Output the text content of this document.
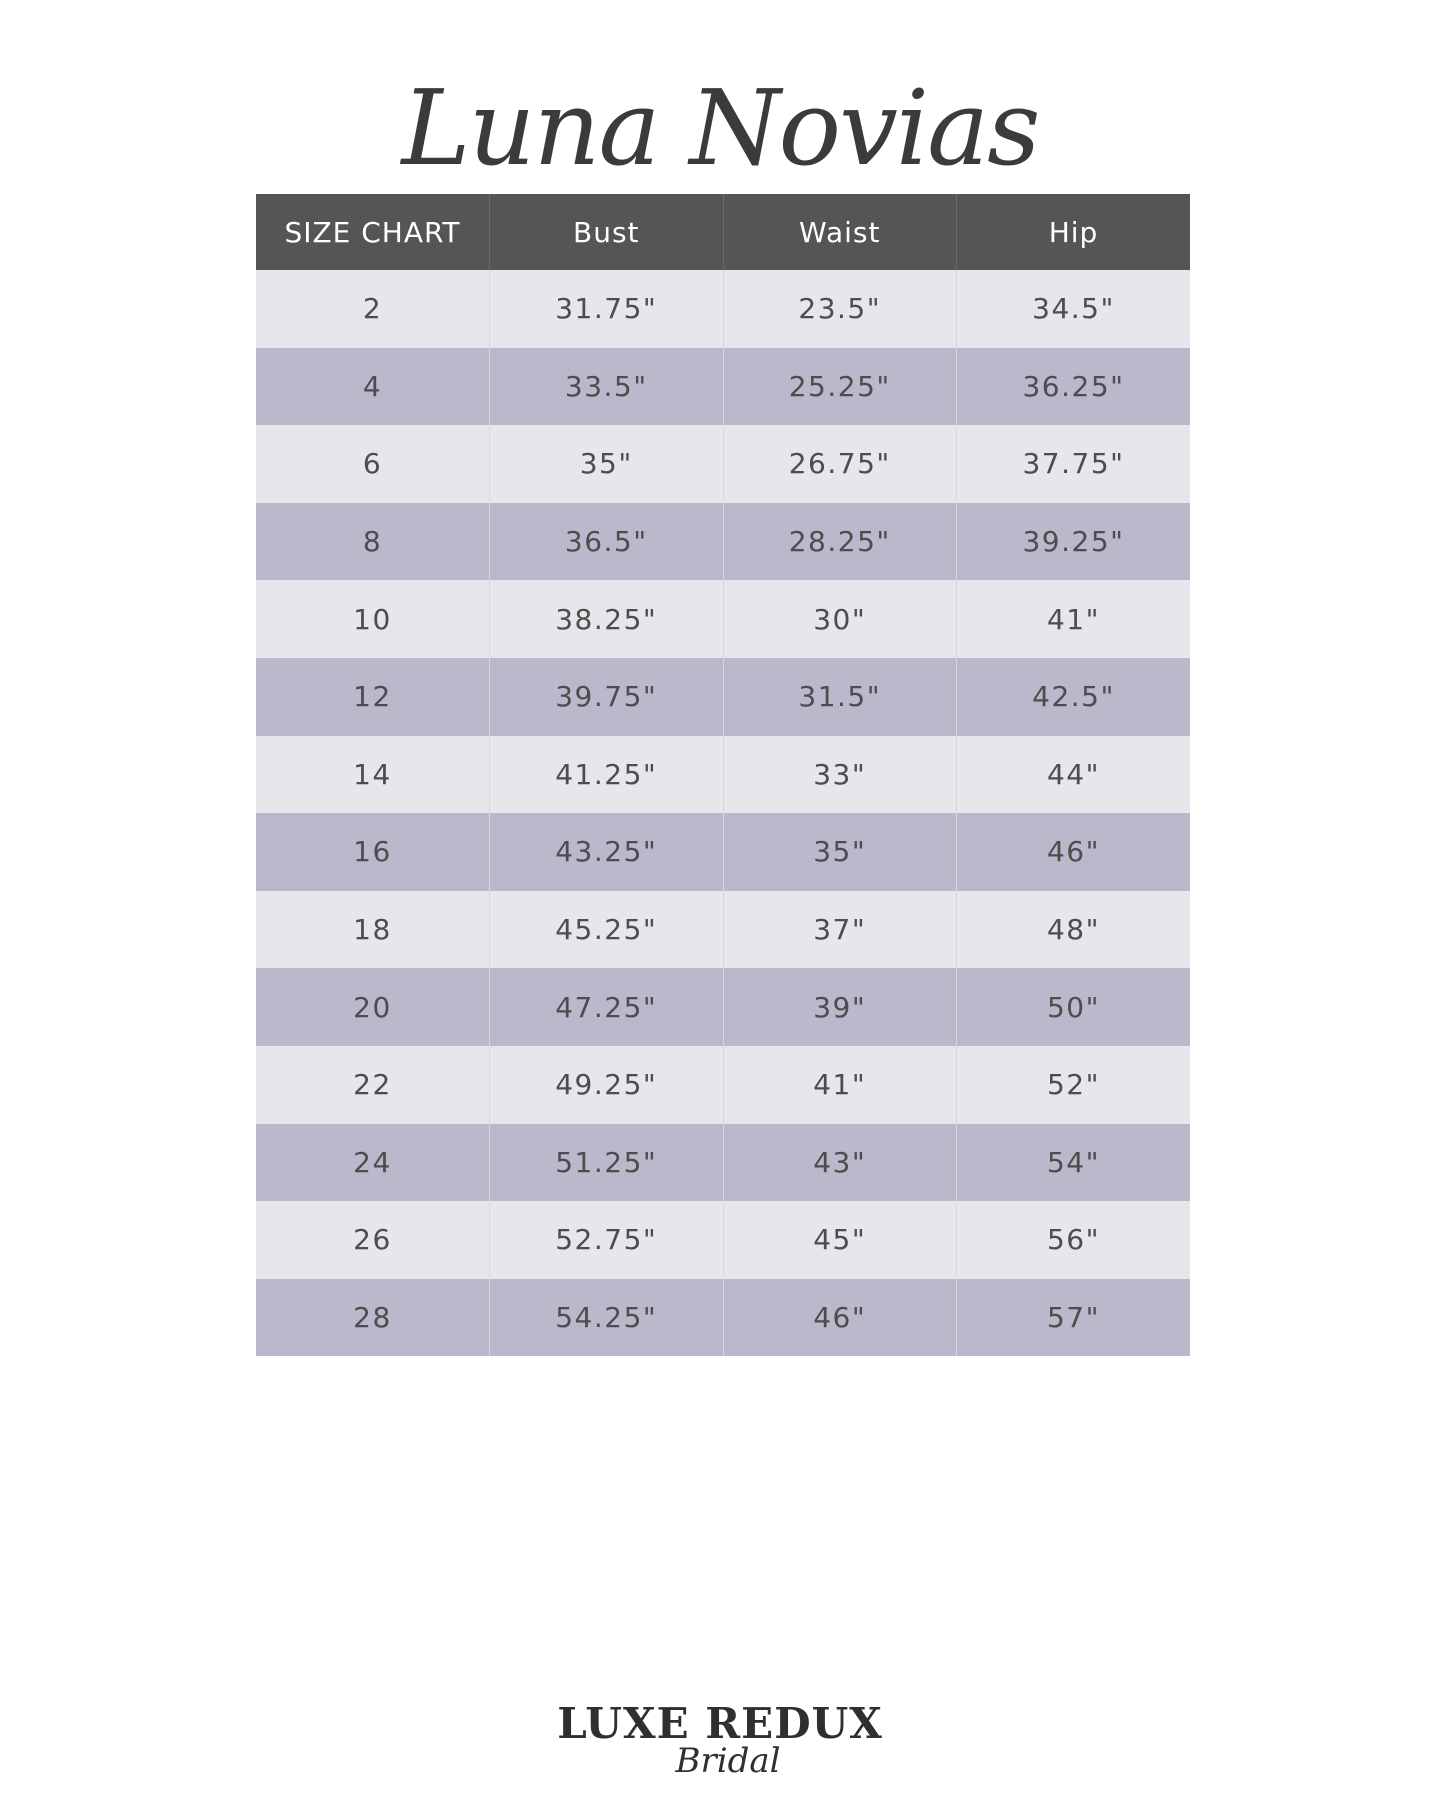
Luna Novias
SIZE CHART	Bust	Waist	Hip
2	31.75"	23.5"	34.5"
4	33.5"	25.25"	36.25"
6	35"	26.75"	37.75"
8	36.5"	28.25"	39.25"
10	38.25"	30"	41"
12	39.75"	31.5"	42.5"
14	41.25"	33"	44"
16	43.25"	35"	46"
18	45.25"	37"	48"
20	47.25"	39"	50"
22	49.25"	41"	52"
24	51.25"	43"	54"
26	52.75"	45"	56"
28	54.25"	46"	57"
LUXE REDUX
Bridal
